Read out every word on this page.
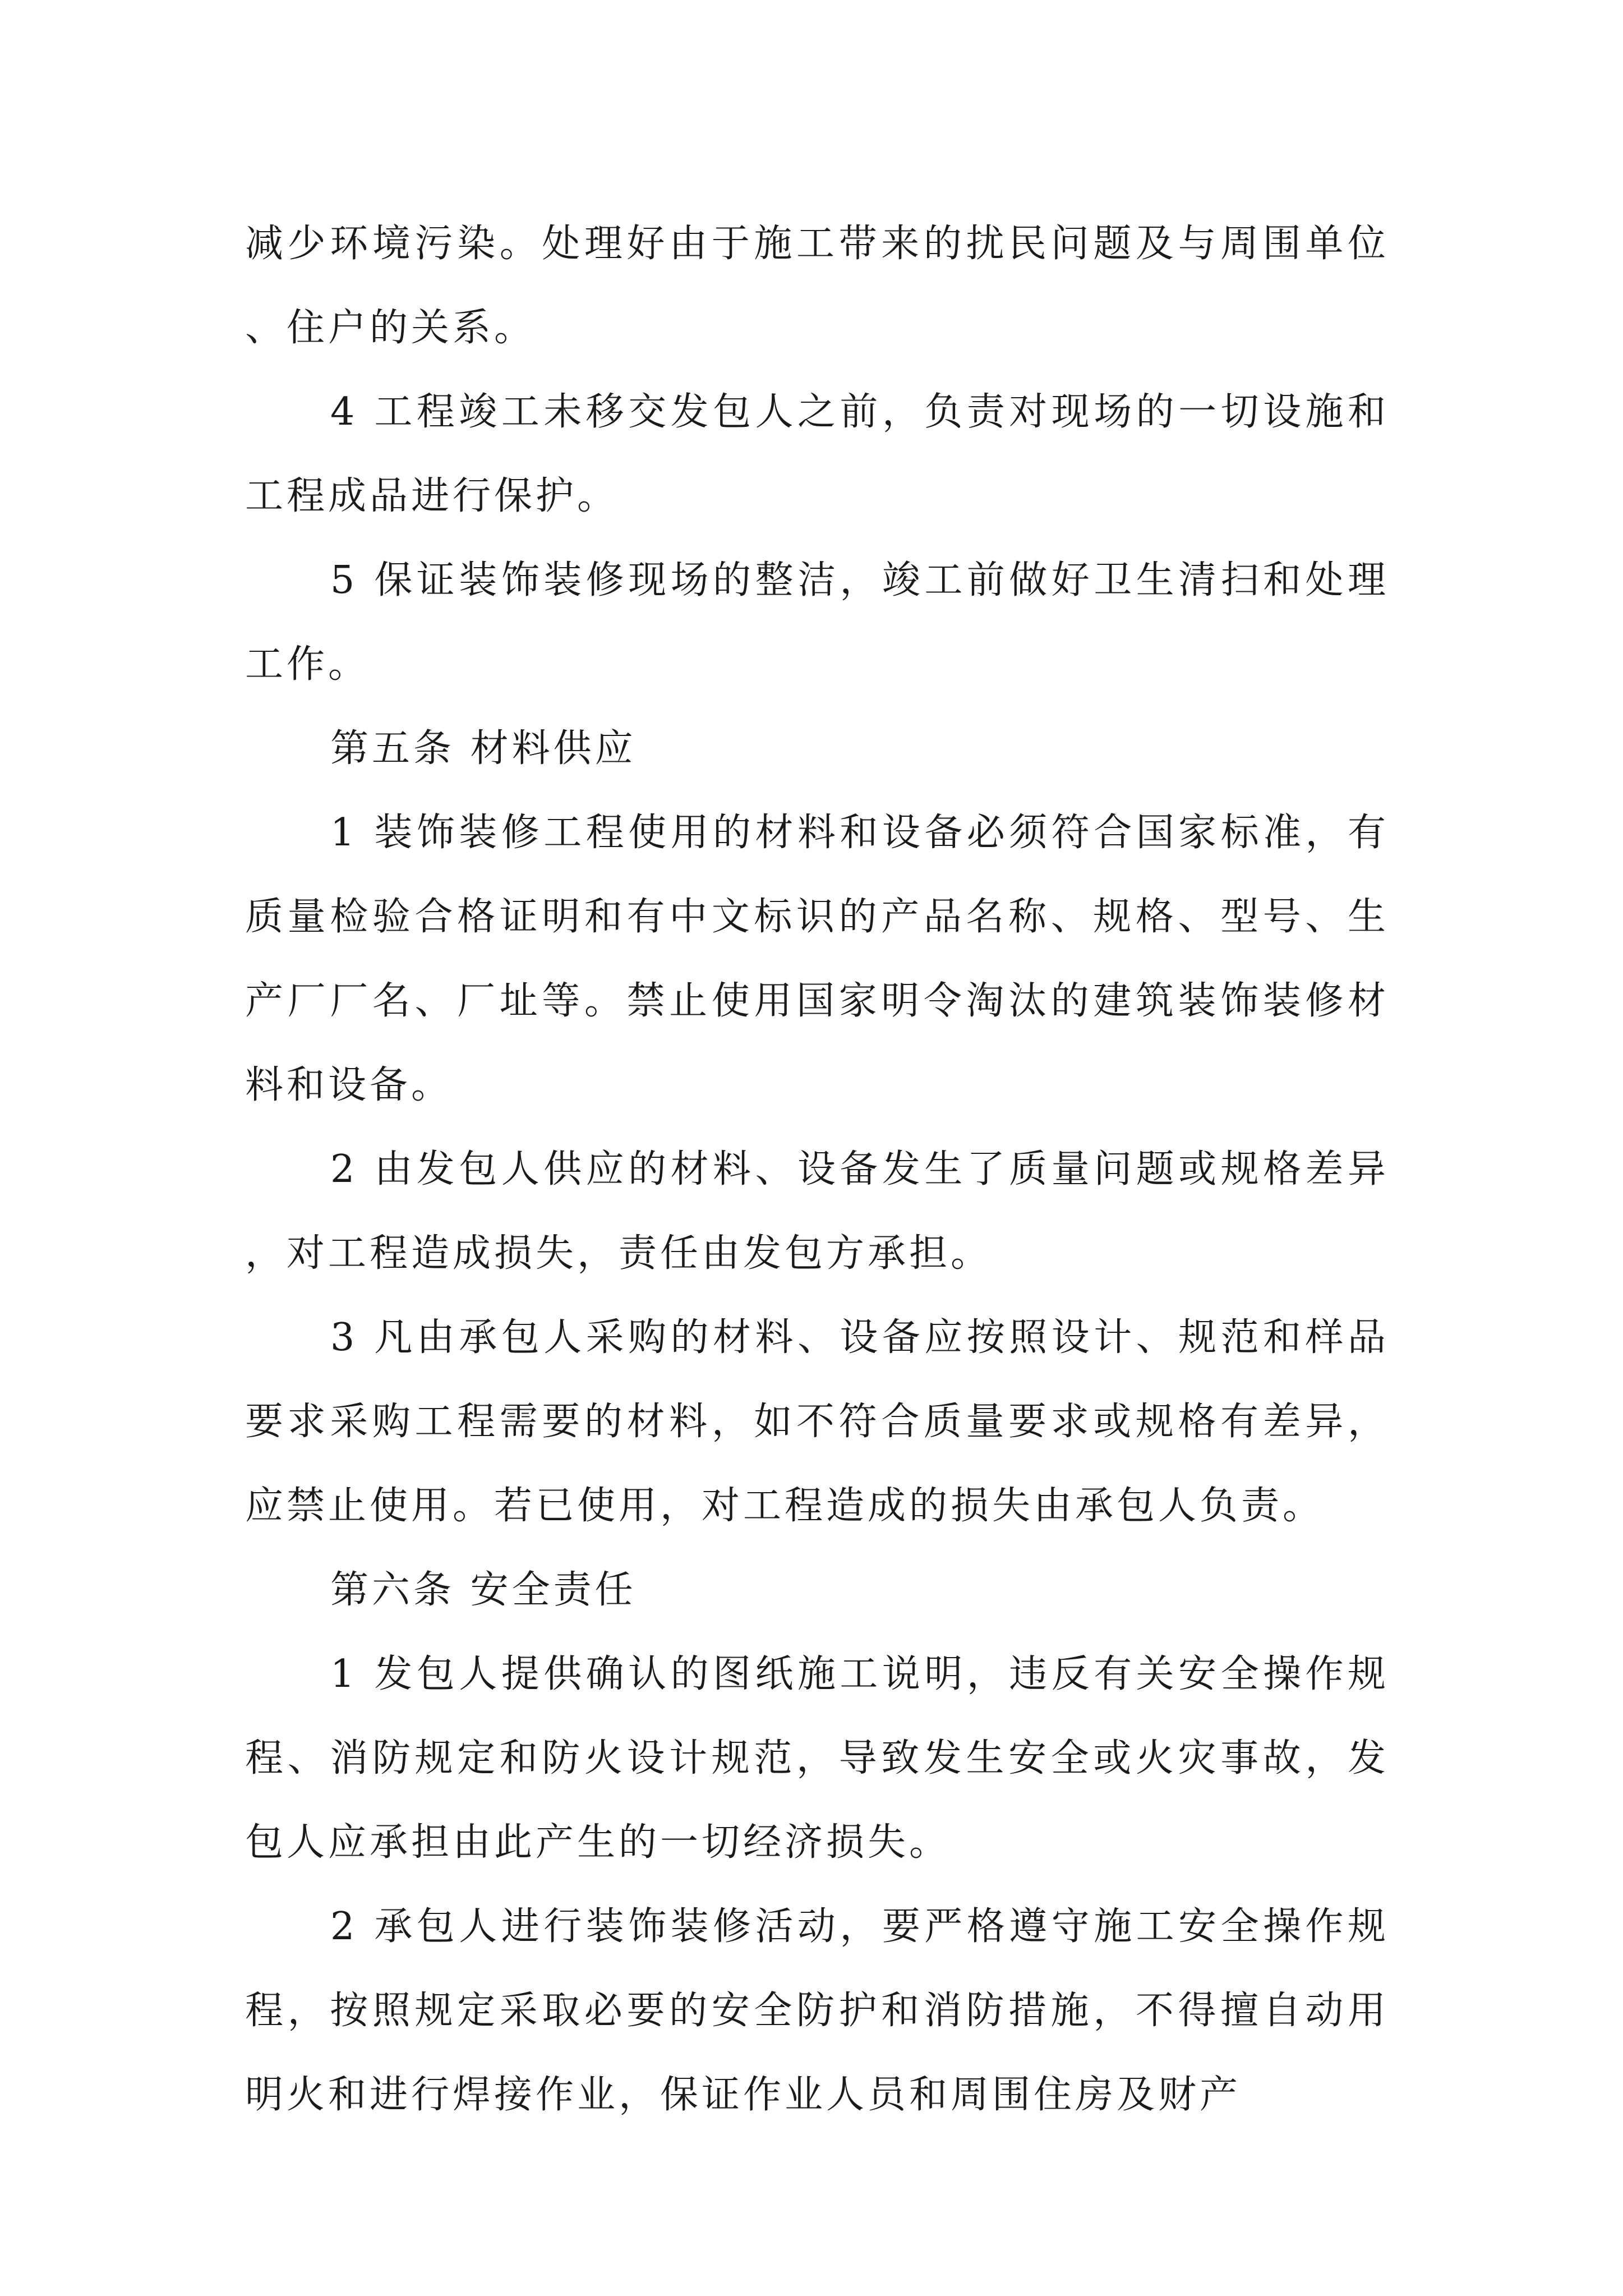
减少环境污染。处理好由于施工带来的扰民问题及与周围单位、住户的关系。

4 工程竣工未移交发包人之前，负责对现场的一切设施和工程成品进行保护。

5 保证装饰装修现场的整洁，竣工前做好卫生清扫和处理工作。

第五条 材料供应

1 装饰装修工程使用的材料和设备必须符合国家标准，有质量检验合格证明和有中文标识的产品名称、规格、型号、生产厂厂名、厂址等。禁止使用国家明令淘汰的建筑装饰装修材料和设备。

2 由发包人供应的材料、设备发生了质量问题或规格差异，对工程造成损失，责任由发包方承担。

3 凡由承包人采购的材料、设备应按照设计、规范和样品要求采购工程需要的材料，如不符合质量要求或规格有差异，应禁止使用。若已使用，对工程造成的损失由承包人负责。

第六条 安全责任

1 发包人提供确认的图纸施工说明，违反有关安全操作规程、消防规定和防火设计规范，导致发生安全或火灾事故，发包人应承担由此产生的一切经济损失。

2 承包人进行装饰装修活动，要严格遵守施工安全操作规程，按照规定采取必要的安全防护和消防措施，不得擅自动用明火和进行焊接作业，保证作业人员和周围住房及财产
